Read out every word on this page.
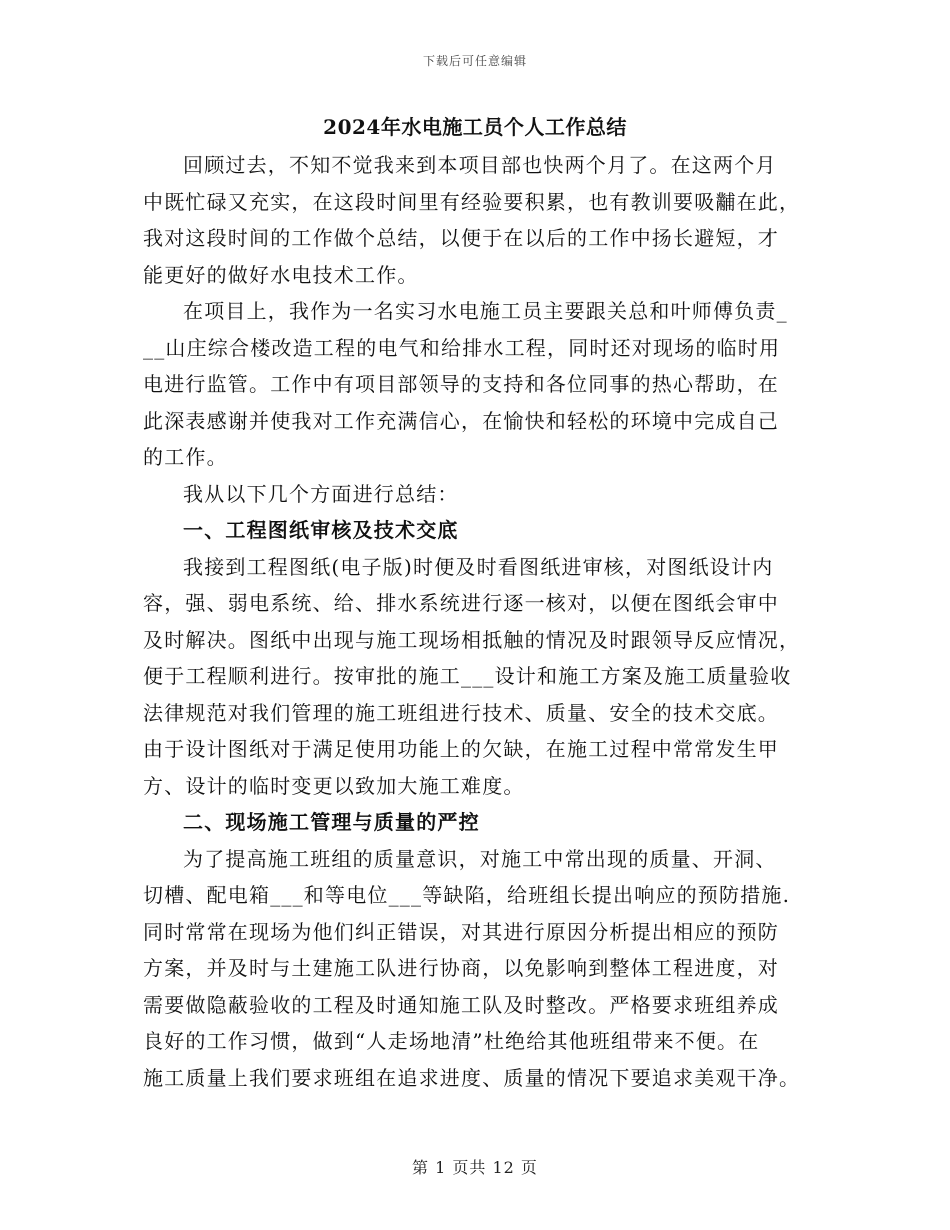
下载后可任意编辑
2024年水电施工员个人工作总结

回顾过去，不知不觉我来到本项目部也快两个月了。在这两个月
中既忙碌又充实，在这段时间里有经验要积累，也有教训要吸黼在此，
我对这段时间的工作做个总结，以便于在以后的工作中扬长避短，才
能更好的做好水电技术工作。

在项目上，我作为一名实习水电施工员主要跟关总和叶师傅负责_
__山庄综合楼改造工程的电气和给排水工程，同时还对现场的临时用
电进行监管。工作中有项目部领导的支持和各位同事的热心帮助，在
此深表感谢并使我对工作充满信心，在愉快和轻松的环境中完成自己
的工作。

我从以下几个方面进行总结：

一、工程图纸审核及技术交底

我接到工程图纸(电子版)时便及时看图纸进审核，对图纸设计内
容，强、弱电系统、给、排水系统进行逐一核对，以便在图纸会审中
及时解决。图纸中出现与施工现场相抵触的情况及时跟领导反应情况，
便于工程顺利进行。按审批的施工___设计和施工方案及施工质量验收
法律规范对我们管理的施工班组进行技术、质量、安全的技术交底。
由于设计图纸对于满足使用功能上的欠缺，在施工过程中常常发生甲
方、设计的临时变更以致加大施工难度。

二、现场施工管理与质量的严控

为了提高施工班组的质量意识，对施工中常出现的质量、开洞、
切槽、配电箱___和等电位___等缺陷，给班组长提出响应的预防措施.
同时常常在现场为他们纠正错误，对其进行原因分析提出相应的预防
方案，并及时与土建施工队进行协商，以免影响到整体工程进度，对
需要做隐蔽验收的工程及时通知施工队及时整改。严格要求班组养成
良好的工作习惯，做到“人走场地清”杜绝给其他班组带来不便。在
施工质量上我们要求班组在追求进度、质量的情况下要追求美观干净。

第 1 页共 12 页
